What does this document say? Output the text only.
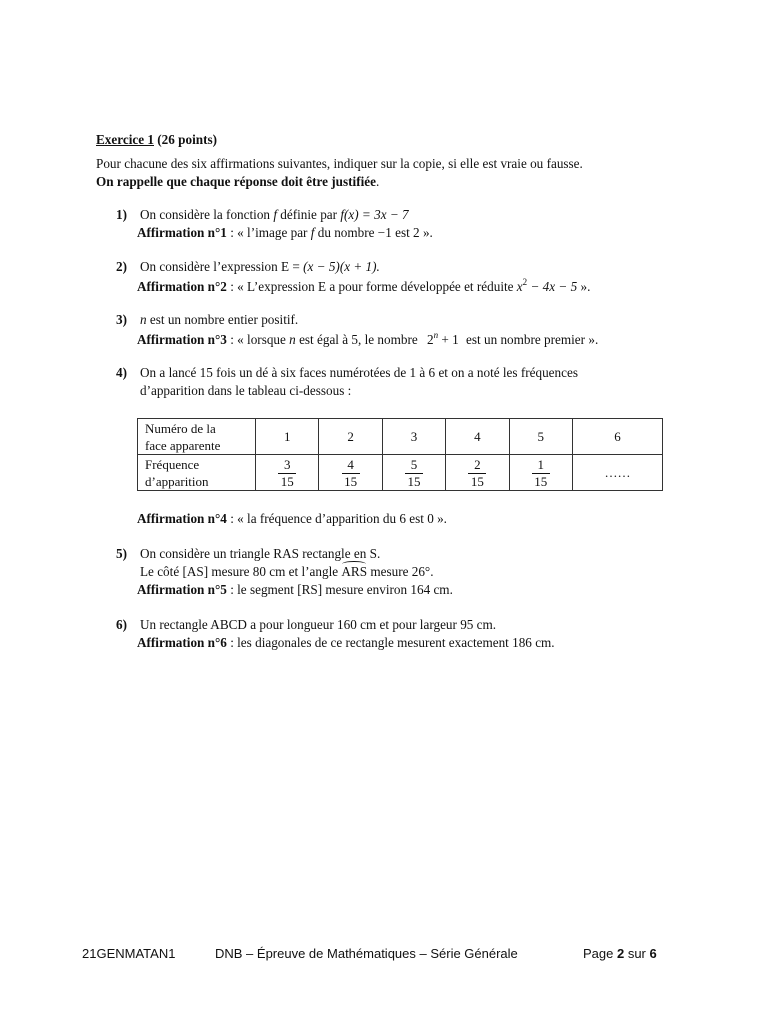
Exercice 1 (26 points)
Pour chacune des six affirmations suivantes, indiquer sur la copie, si elle est vraie ou fausse.
On rappelle que chaque réponse doit être justifiée.
1) On considère la fonction f définie par f(x) = 3x − 7
Affirmation n°1 : « l’image par f du nombre −1 est 2 ».
2) On considère l’expression E = (x − 5)(x + 1).
Affirmation n°2 : « L’expression E a pour forme développée et réduite $x^2 - 4x - 5$ ».
3) n est un nombre entier positif.
Affirmation n°3 : « lorsque n est égal à 5, le nombre $2^n + 1$ est un nombre premier ».
4) On a lancé 15 fois un dé à six faces numérotées de 1 à 6 et on a noté les fréquences
d’apparition dans le tableau ci-dessous :
Numéro de la
face apparente	1	2	3	4	5	6
Fréquence
d’apparition	$\frac{3}{15}$	$\frac{4}{15}$	$\frac{5}{15}$	$\frac{2}{15}$	$\frac{1}{15}$	……
Affirmation n°4 : « la fréquence d’apparition du 6 est 0 ».
5) On considère un triangle RAS rectangle en S.
Le côté [AS] mesure 80 cm et l’angle ARS mesure 26°.
Affirmation n°5 : le segment [RS] mesure environ 164 cm.
6) Un rectangle ABCD a pour longueur 160 cm et pour largeur 95 cm.
Affirmation n°6 : les diagonales de ce rectangle mesurent exactement 186 cm.
21GENMATAN1	DNB – Épreuve de Mathématiques – Série Générale	Page 2 sur 6
